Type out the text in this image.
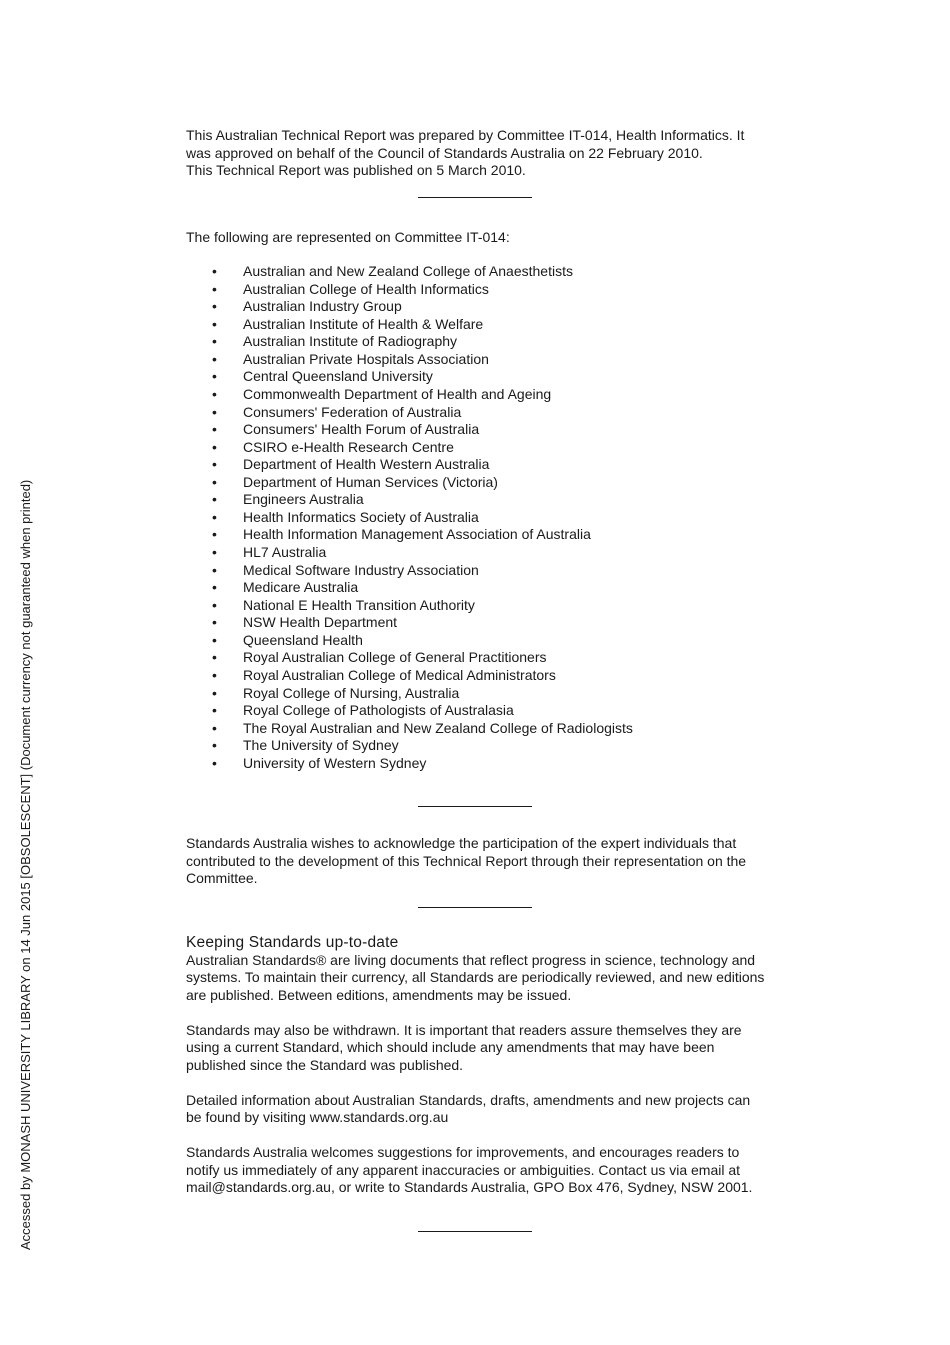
This Australian Technical Report was prepared by Committee IT-014, Health Informatics. It
was approved on behalf of the Council of Standards Australia on 22 February 2010.
This Technical Report was published on 5 March 2010.

The following are represented on Committee IT-014:

• Australian and New Zealand College of Anaesthetists
• Australian College of Health Informatics
• Australian Industry Group
• Australian Institute of Health & Welfare
• Australian Institute of Radiography
• Australian Private Hospitals Association
• Central Queensland University
• Commonwealth Department of Health and Ageing
• Consumers' Federation of Australia
• Consumers' Health Forum of Australia
• CSIRO e-Health Research Centre
• Department of Health Western Australia
• Department of Human Services (Victoria)
• Engineers Australia
• Health Informatics Society of Australia
• Health Information Management Association of Australia
• HL7 Australia
• Medical Software Industry Association
• Medicare Australia
• National E Health Transition Authority
• NSW Health Department
• Queensland Health
• Royal Australian College of General Practitioners
• Royal Australian College of Medical Administrators
• Royal College of Nursing, Australia
• Royal College of Pathologists of Australasia
• The Royal Australian and New Zealand College of Radiologists
• The University of Sydney
• University of Western Sydney

Standards Australia wishes to acknowledge the participation of the expert individuals that
contributed to the development of this Technical Report through their representation on the
Committee.

Keeping Standards up-to-date

Australian Standards® are living documents that reflect progress in science, technology and
systems. To maintain their currency, all Standards are periodically reviewed, and new editions
are published. Between editions, amendments may be issued.

Standards may also be withdrawn. It is important that readers assure themselves they are
using a current Standard, which should include any amendments that may have been
published since the Standard was published.

Detailed information about Australian Standards, drafts, amendments and new projects can
be found by visiting www.standards.org.au

Standards Australia welcomes suggestions for improvements, and encourages readers to
notify us immediately of any apparent inaccuracies or ambiguities. Contact us via email at
mail@standards.org.au, or write to Standards Australia, GPO Box 476, Sydney, NSW 2001.

Accessed by MONASH UNIVERSITY LIBRARY on 14 Jun 2015 [OBSOLESCENT] (Document currency not guaranteed when printed)
